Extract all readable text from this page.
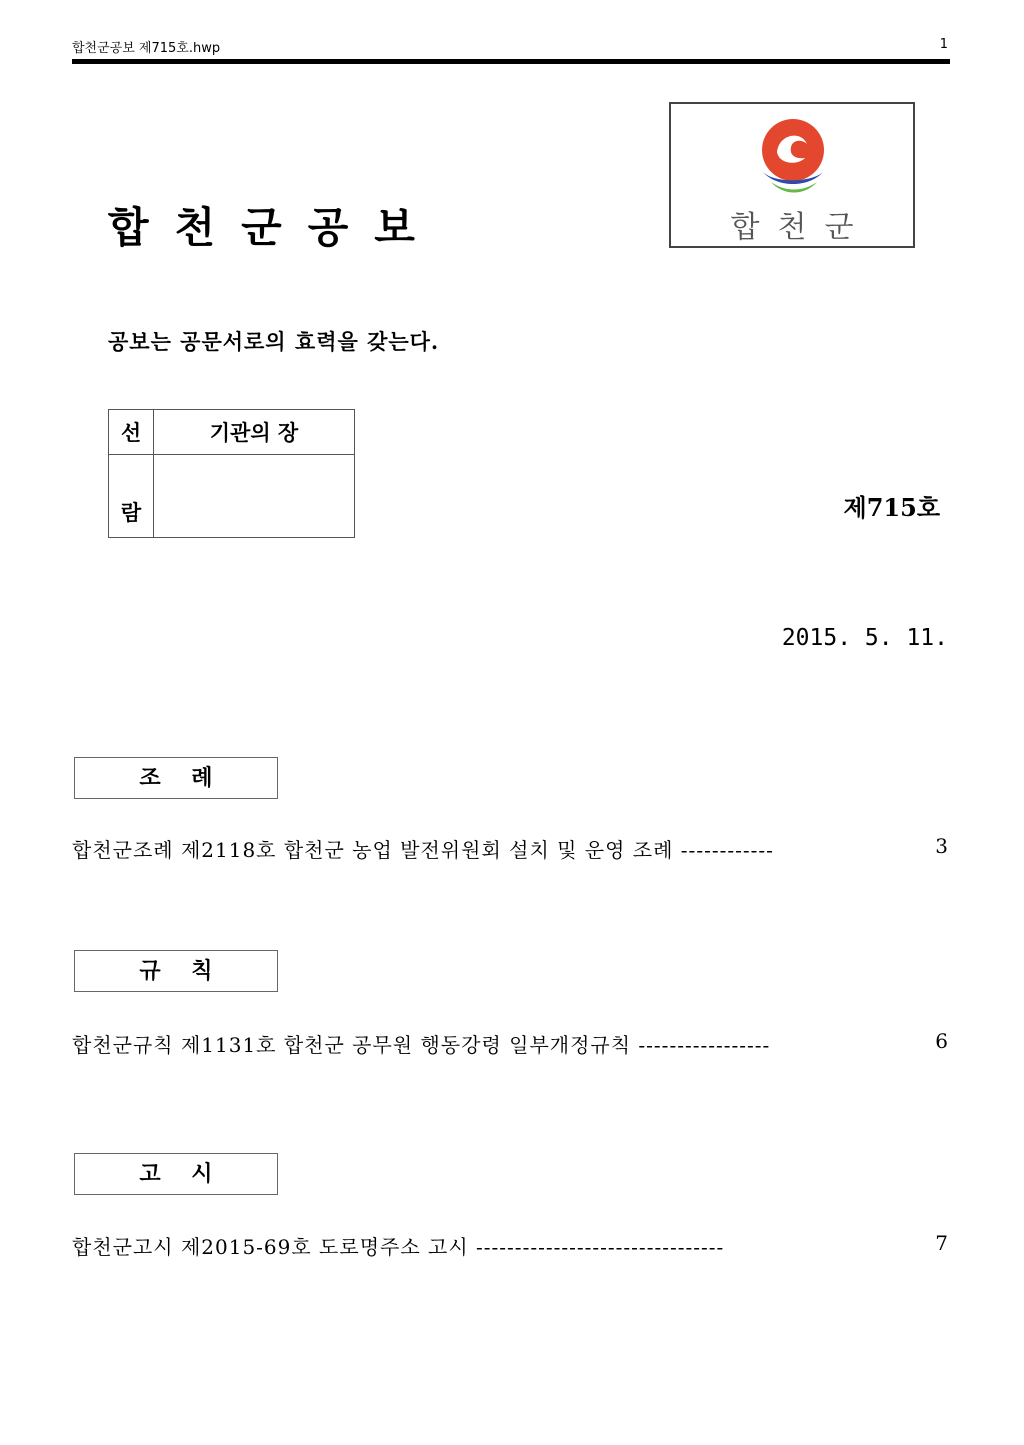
합천군공보 제715호.hwp	1
합천군공보	합천군
공보는 공문서로의 효력을 갖는다.
선	기관의 장
람		제715호
2015. 5. 11.
조    례
합천군조례 제2118호 합천군 농업 발전위원회 설치 및 운영 조례 ------------	3
규    칙
합천군규칙 제1131호 합천군 공무원 행동강령 일부개정규칙 -----------------	6
고    시
합천군고시 제2015-69호 도로명주소 고시 --------------------------------	7
